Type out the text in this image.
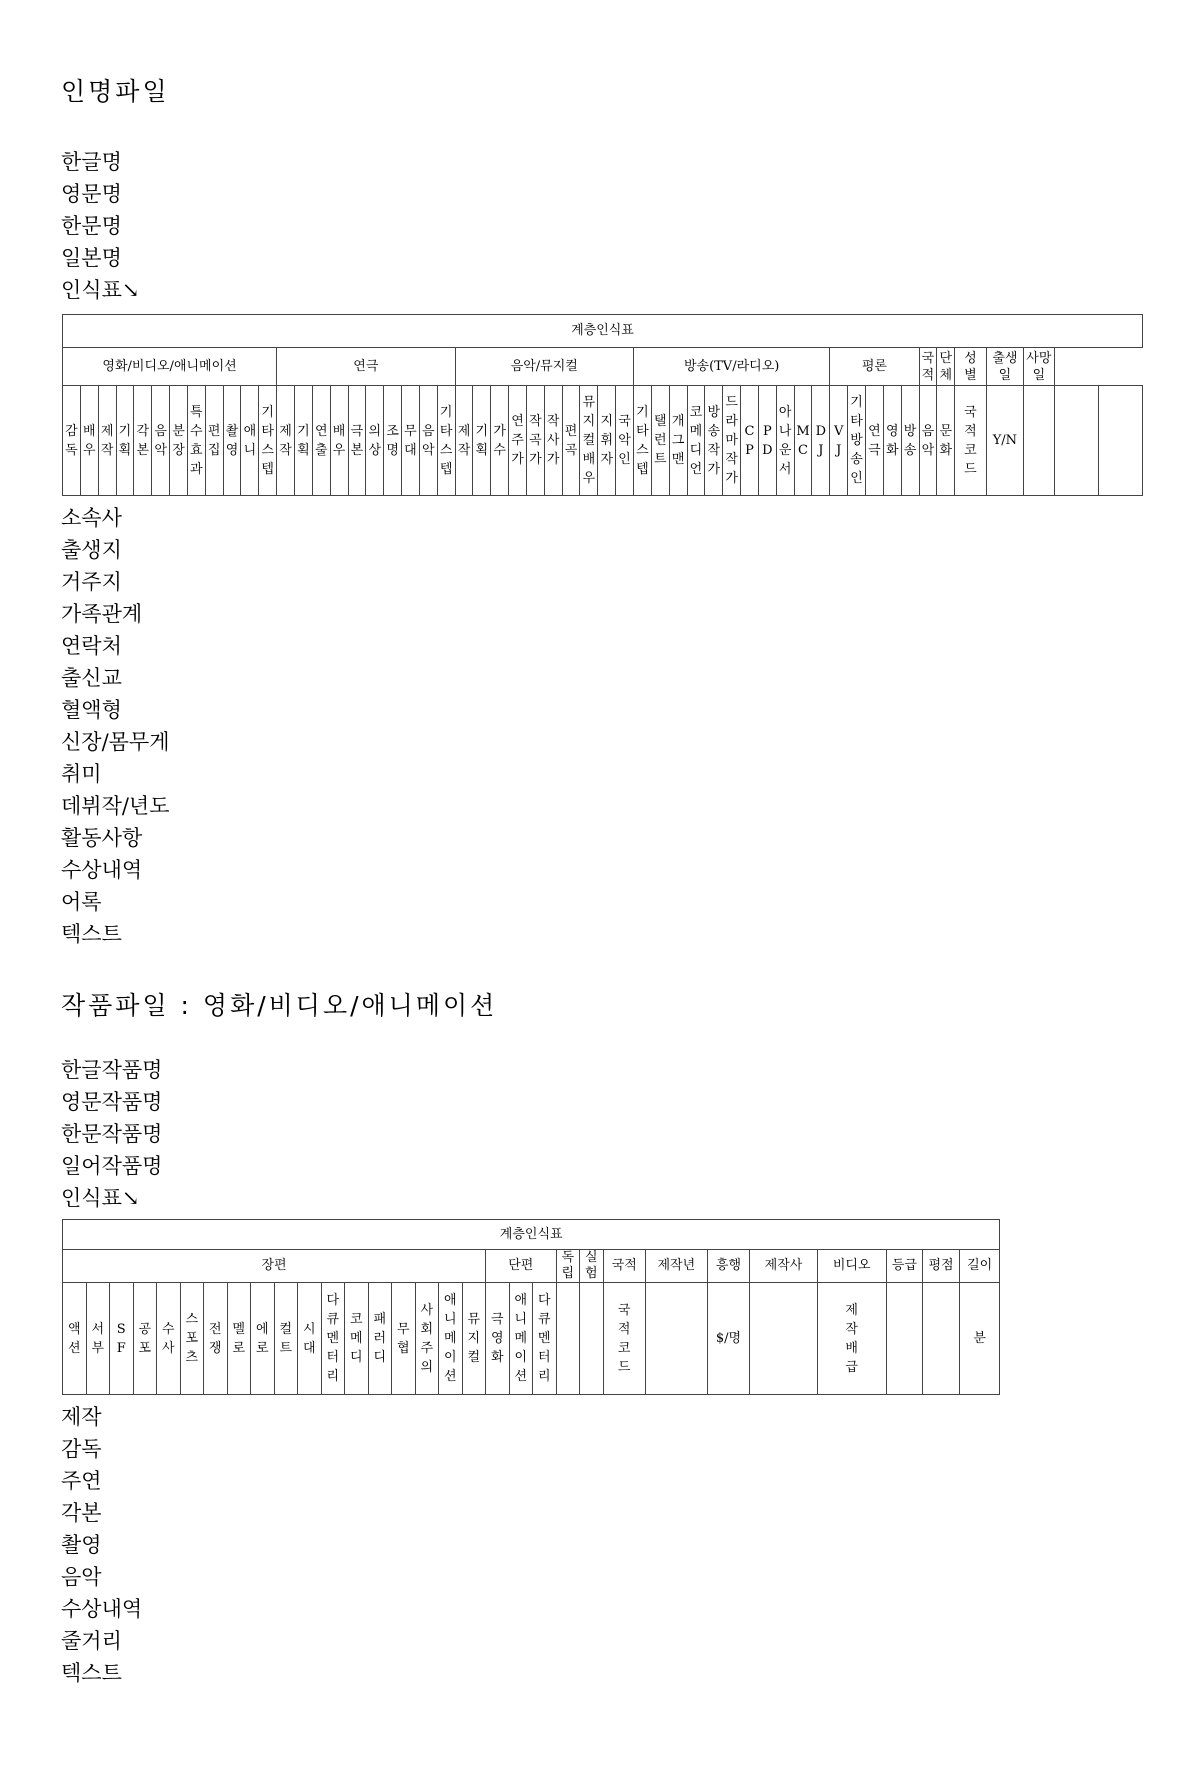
인명파일
한글명
영문명
한문명
일본명
인식표↘
계층인식표																																																						
영화/비디오/애니메이션												연극										음악/뮤지컬										방송(TV/라디오)											평론					국적	단체	성별	출생일	사망일		
감독	배우	제작	기획	각본	음악	분장	특수효과	편집	촬영	애니	기타스텝	제작	기획	연출	배우	극본	의상	조명	무대	음악	기타스텝	제작	기획	가수	연주가	작곡가	작사가	편곡	뮤지컬배우	지휘자	국악인	기타스텝	탤런트	개그맨	코메디언	방송작가	드라마작가	CP	PD	아나운서	MC	DJ	VJ	기타방송인	연극	영화	방송	음악	문화	국적코드	Y/N			
소속사
출생지
거주지
가족관계
연락처
출신교
혈액형
신장/몸무게
취미
데뷔작/년도
활동사항
수상내역
어록
텍스트
작품파일 : 영화/비디오/애니메이션
한글작품명
영문작품명
한문작품명
일어작품명
인식표↘
계층인식표																														
장편																		단편			독립	실험	국적	제작년	흥행	제작사	비디오	등급	평점	길이
액션	서부	SF	공포	수사	스포츠	전쟁	멜로	에로	컬트	시대	다큐멘터리	코메디	패러디	무협	사회주의	애니메이션	뮤지컬	극영화	애니메이션	다큐멘터리			국적코드		$/명		제작배급			분
제작
감독
주연
각본
촬영
음악
수상내역
줄거리
텍스트
